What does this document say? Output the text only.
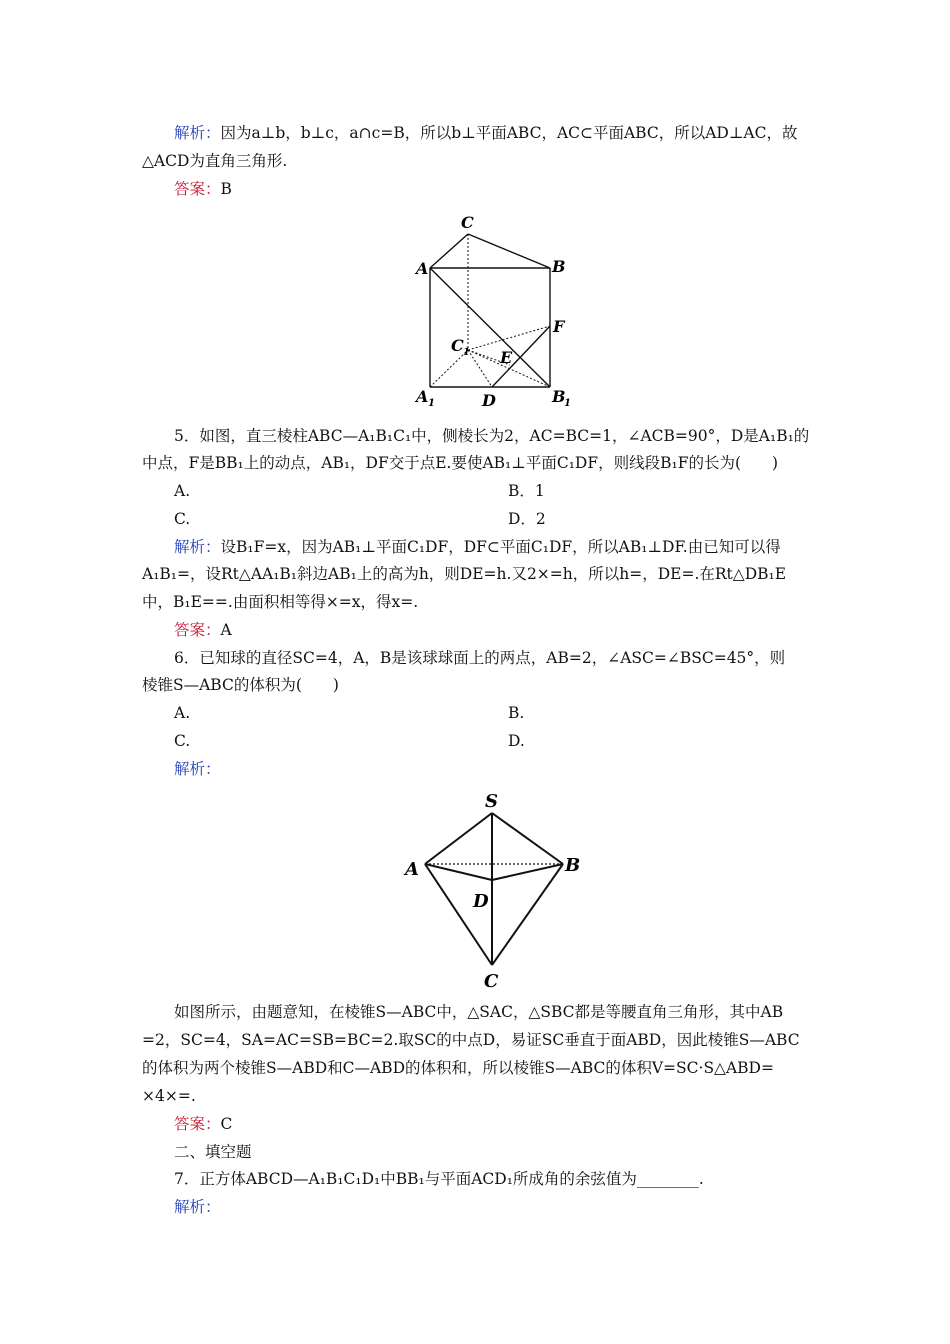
解析：因为a⊥b，b⊥c，a∩c=B，所以b⊥平面ABC，AC⊂平面ABC，所以AD⊥AC，故
△ACD为直角三角形.
答案：B
C
A	B
F
C 1 E
A 1	D	B
1
5．如图，直三棱柱ABC—A₁B₁C₁中，侧棱长为2，AC=BC=1，∠ACB=90°，D是A₁B₁的
中点，F是BB₁上的动点，AB₁，DF交于点E.要使AB₁⊥平面C₁DF，则线段B₁F的长为(　　)
A.	B．1
C.	D．2
解析：设B₁F=x，因为AB₁⊥平面C₁DF，DF⊂平面C₁DF，所以AB₁⊥DF.由已知可以得
A₁B₁=，设Rt△AA₁B₁斜边AB₁上的高为h，则DE=h.又2×=h，所以h=，DE=.在Rt△DB₁E
中，B₁E==.由面积相等得×=x，得x=.
答案：A
6．已知球的直径SC=4，A，B是该球球面上的两点，AB=2，∠ASC=∠BSC=45°，则
棱锥S—ABC的体积为(　　)
A.	B.
C.	D.
解析：
S
A	B
D
C
如图所示，由题意知，在棱锥S—ABC中，△SAC，△SBC都是等腰直角三角形，其中AB
=2，SC=4，SA=AC=SB=BC=2.取SC的中点D，易证SC垂直于面ABD，因此棱锥S—ABC
的体积为两个棱锥S—ABD和C—ABD的体积和，所以棱锥S—ABC的体积V=SC·S△ABD=
×4×=.
答案：C
二、填空题
7．正方体ABCD—A₁B₁C₁D₁中BB₁与平面ACD₁所成角的余弦值为________.
解析：
